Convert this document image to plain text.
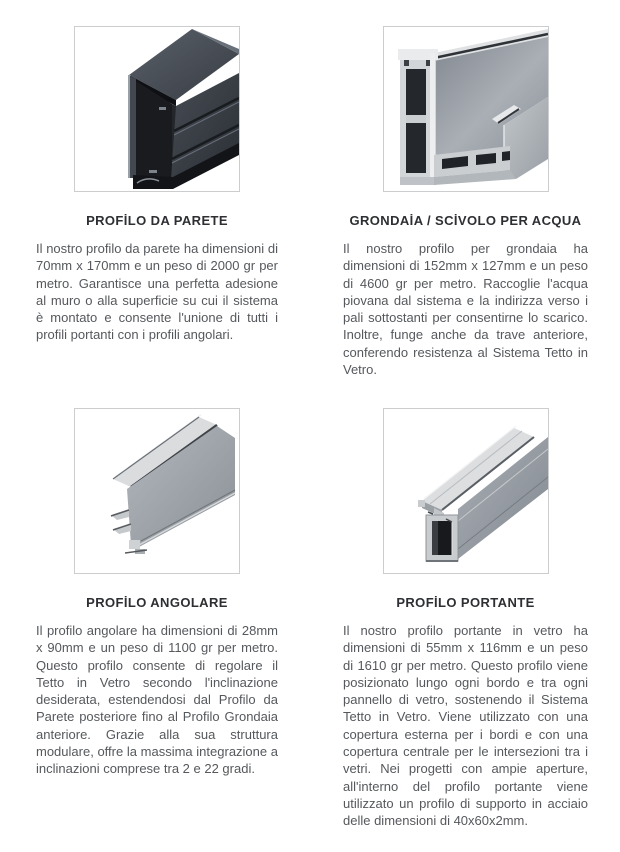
PROFİLO DA PARETE

Il nostro profilo da parete ha dimensioni di 70mm x 170mm e un peso di 2000 gr per metro. Garantisce una perfetta adesione al muro o alla superficie su cui il sistema è montato e consente l'unione di tutti i profili portanti con i profili angolari.

GRONDAİA / SCİVOLO PER ACQUA

Il nostro profilo per grondaia ha dimensioni di 152mm x 127mm e un peso di 4600 gr per metro. Raccoglie l'acqua piovana dal sistema e la indirizza verso i pali sottostanti per consentirne lo scarico. Inoltre, funge anche da trave anteriore, conferendo resistenza al Sistema Tetto in Vetro.

PROFİLO ANGOLARE

Il profilo angolare ha dimensioni di 28mm x 90mm e un peso di 1100 gr per metro. Questo profilo consente di regolare il Tetto in Vetro secondo l'inclinazione desiderata, estendendosi dal Profilo da Parete posteriore fino al Profilo Grondaia anteriore. Grazie alla sua struttura modulare, offre la massima integrazione a inclinazioni comprese tra 2 e 22 gradi.

PROFİLO PORTANTE

Il nostro profilo portante in vetro ha dimensioni di 55mm x 116mm e un peso di 1610 gr per metro. Questo profilo viene posizionato lungo ogni bordo e tra ogni pannello di vetro, sostenendo il Sistema Tetto in Vetro. Viene utilizzato con una copertura esterna per i bordi e con una copertura centrale per le intersezioni tra i vetri. Nei progetti con ampie aperture, all'interno del profilo portante viene utilizzato un profilo di supporto in acciaio delle dimensioni di 40x60x2mm.
